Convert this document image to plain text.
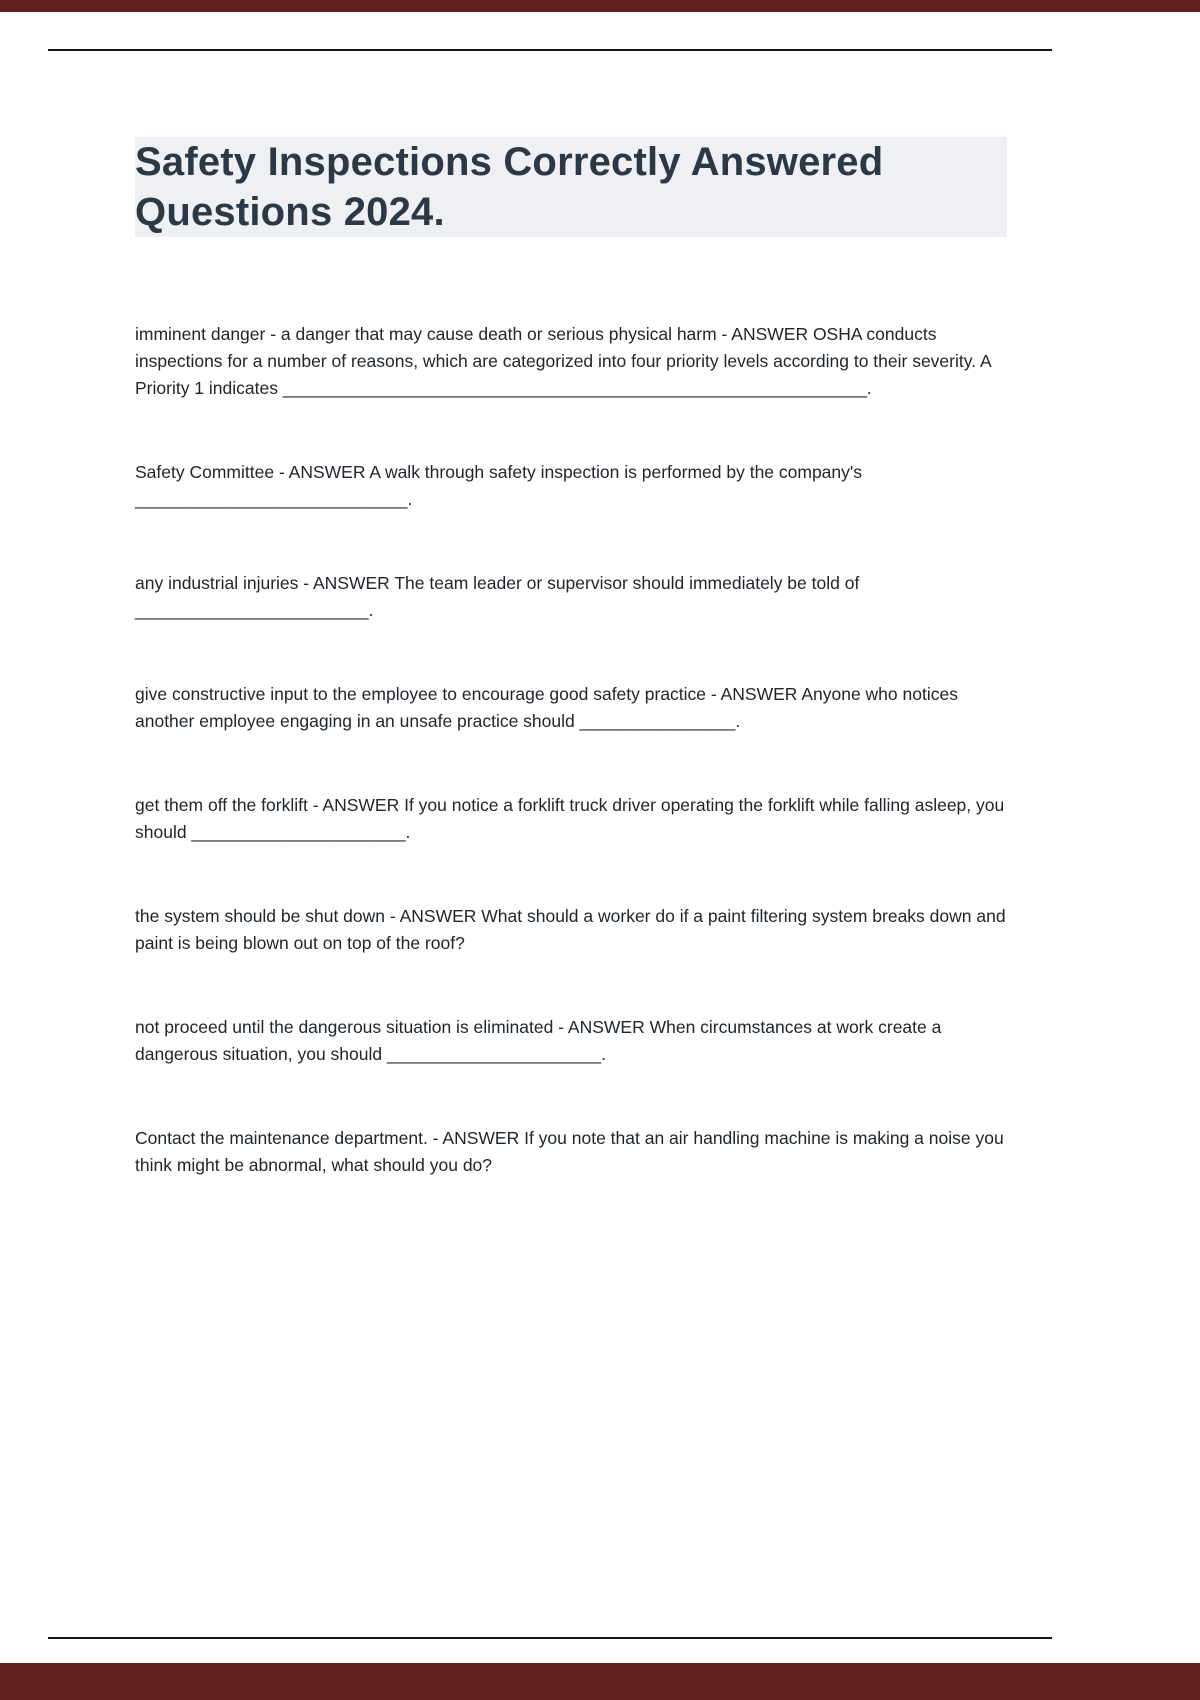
Safety Inspections Correctly Answered Questions 2024.

imminent danger - a danger that may cause death or serious physical harm - ANSWER OSHA conducts inspections for a number of reasons, which are categorized into four priority levels according to their severity. A Priority 1 indicates ____________________________________________________________.

Safety Committee - ANSWER A walk through safety inspection is performed by the company's ____________________________.

any industrial injuries - ANSWER The team leader or supervisor should immediately be told of ________________________.

give constructive input to the employee to encourage good safety practice - ANSWER Anyone who notices another employee engaging in an unsafe practice should ________________.

get them off the forklift - ANSWER If you notice a forklift truck driver operating the forklift while falling asleep, you should ______________________.

the system should be shut down - ANSWER What should a worker do if a paint filtering system breaks down and paint is being blown out on top of the roof?

not proceed until the dangerous situation is eliminated - ANSWER When circumstances at work create a dangerous situation, you should ______________________.

Contact the maintenance department. - ANSWER If you note that an air handling machine is making a noise you think might be abnormal, what should you do?
